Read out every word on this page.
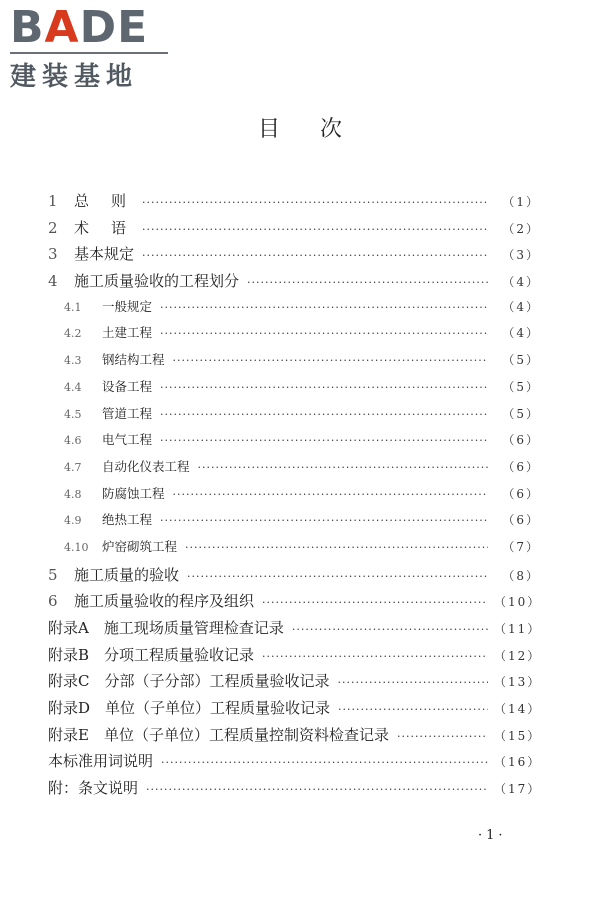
BADE
建装基地
目次
1	总则 ·····	（1）
2	术语 ·····	（2）
3	基本规定 ·····	（3）
4	施工质量验收的工程划分 ·····	（4）
4.1	一般规定 ·····	（4）
4.2	土建工程 ·····	（4）
4.3	钢结构工程 ·····	（5）
4.4	设备工程 ·····	（5）
4.5	管道工程 ·····	（5）
4.6	电气工程 ·····	（6）
4.7	自动化仪表工程 ·····	（6）
4.8	防腐蚀工程 ·····	（6）
4.9	绝热工程 ·····	（6）
4.10	炉窑砌筑工程 ·····	（7）
5	施工质量的验收 ·····	（8）
6	施工质量验收的程序及组织 ·····	（10）
附录A　施工现场质量管理检查记录 ·····	（11）
附录B　分项工程质量验收记录 ·····	（12）
附录C　分部（子分部）工程质量验收记录 ·····	（13）
附录D　单位（子单位）工程质量验收记录 ·····	（14）
附录E　单位（子单位）工程质量控制资料检查记录 ·····	（15）
本标准用词说明 ·····	（16）
附：条文说明 ·····	（17）
·1·
